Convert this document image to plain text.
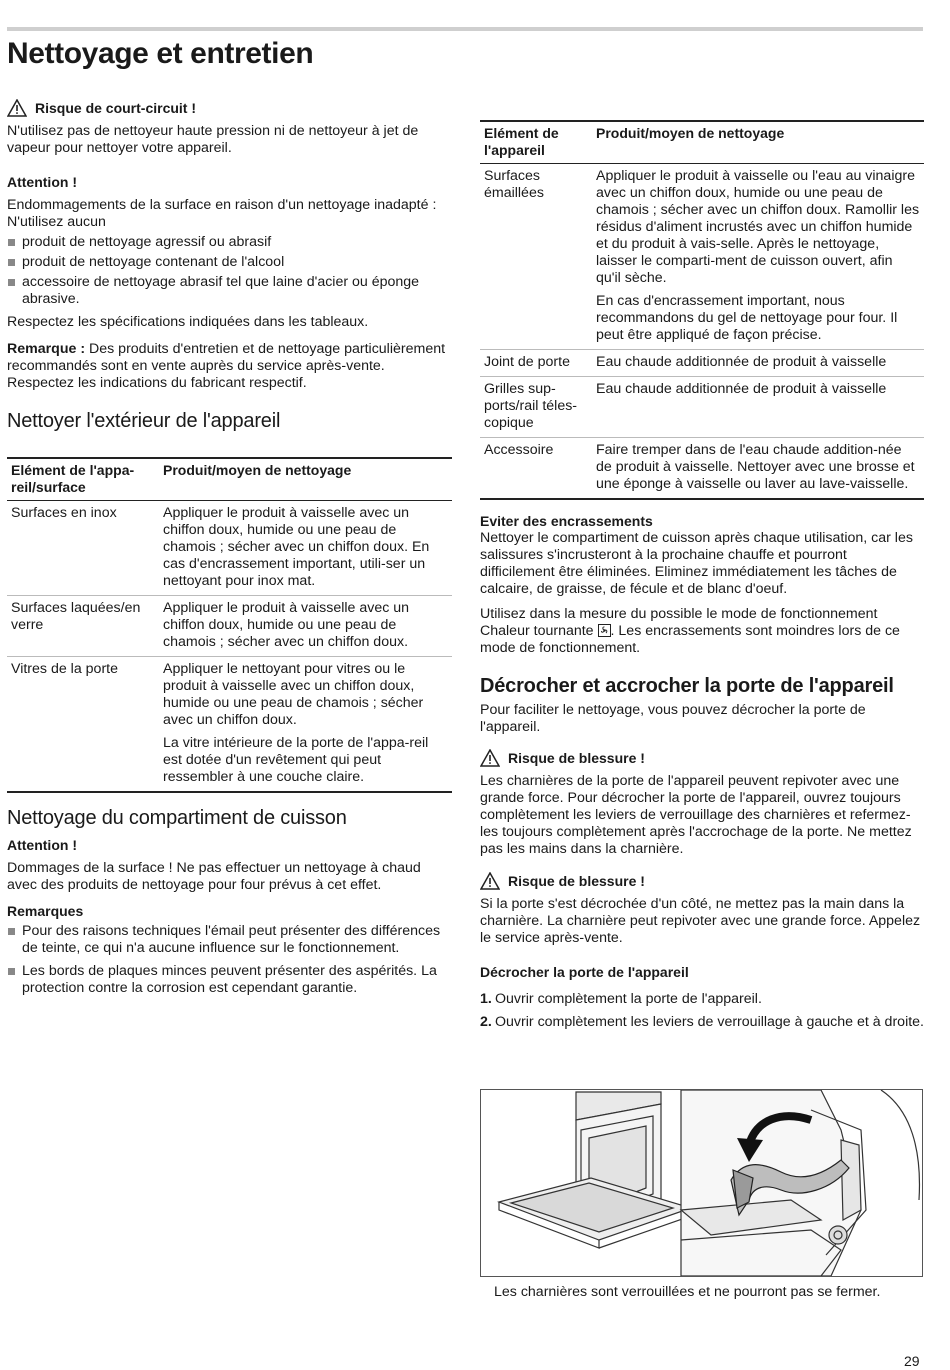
Nettoyage et entretien
Risque de court-circuit !

N'utilisez pas de nettoyeur haute pression ni de nettoyeur à jet de vapeur pour nettoyer votre appareil.

Attention !

Endommagements de la surface en raison d'un nettoyage inadapté : N'utilisez aucun

produit de nettoyage agressif ou abrasif
produit de nettoyage contenant de l'alcool
accessoire de nettoyage abrasif tel que laine d'acier ou éponge abrasive.

Respectez les spécifications indiquées dans les tableaux.

Remarque : Des produits d'entretien et de nettoyage particulièrement recommandés sont en vente auprès du service après-vente. Respectez les indications du fabricant respectif.

Nettoyer l'extérieur de l'appareil
Elément de l'appa-reil/surface	Produit/moyen de nettoyage
Surfaces en inox	Appliquer le produit à vaisselle avec un chiffon doux, humide ou une peau de chamois ; sécher avec un chiffon doux. En cas d'encrassement important, utili-ser un nettoyant pour inox mat.

Surfaces laquées/en verre	Appliquer le produit à vaisselle avec un chiffon doux, humide ou une peau de chamois ; sécher avec un chiffon doux.

Vitres de la porte	Appliquer le nettoyant pour vitres ou le produit à vaisselle avec un chiffon doux, humide ou une peau de chamois ; sécher avec un chiffon doux.

La vitre intérieure de la porte de l'appa-reil est dotée d'un revêtement qui peut ressembler à une couche claire.

Nettoyage du compartiment de cuisson

Attention !

Dommages de la surface ! Ne pas effectuer un nettoyage à chaud avec des produits de nettoyage pour four prévus à cet effet.

Remarques

Pour des raisons techniques l'émail peut présenter des différences de teinte, ce qui n'a aucune influence sur le fonctionnement.
Les bords de plaques minces peuvent présenter des aspérités. La protection contre la corrosion est cependant garantie.
Elément de l'appareil	Produit/moyen de nettoyage
Surfaces émaillées	Appliquer le produit à vaisselle ou l'eau au vinaigre avec un chiffon doux, humide ou une peau de chamois ; sécher avec un chiffon doux. Ramollir les résidus d'aliment incrustés avec un chiffon humide et du produit à vais-selle. Après le nettoyage, laisser le comparti-ment de cuisson ouvert, afin qu'il sèche.

En cas d'encrassement important, nous recommandons du gel de nettoyage pour four. Il peut être appliqué de façon précise.

Joint de porte	Eau chaude additionnée de produit à vaisselle

Grilles sup-ports/rail téles-copique	Eau chaude additionnée de produit à vaisselle

Accessoire	Faire tremper dans de l'eau chaude addition-née de produit à vaisselle. Nettoyer avec une brosse et une éponge à vaisselle ou laver au lave-vaisselle.

Eviter des encrassements

Nettoyer le compartiment de cuisson après chaque utilisation, car les salissures s'incrusteront à la prochaine chauffe et pourront difficilement être éliminées. Eliminez immédiatement les tâches de calcaire, de graisse, de fécule et de blanc d'oeuf.

Utilisez dans la mesure du possible le mode de fonctionnement Chaleur tournante . Les encrassements sont moindres lors de ce mode de fonctionnement.

Décrocher et accrocher la porte de l'appareil

Pour faciliter le nettoyage, vous pouvez décrocher la porte de l'appareil.

Risque de blessure !

Les charnières de la porte de l'appareil peuvent repivoter avec une grande force. Pour décrocher la porte de l'appareil, ouvrez toujours complètement les leviers de verrouillage des charnières et refermez-les toujours complètement après l'accrochage de la porte. Ne mettez pas les mains dans la charnière.

Risque de blessure !

Si la porte s'est décrochée d'un côté, ne mettez pas la main dans la charnière. La charnière peut repivoter avec une grande force. Appelez le service après-vente.

Décrocher la porte de l'appareil

1. Ouvrir complètement la porte de l'appareil.
2. Ouvrir complètement les leviers de verrouillage à gauche et à droite.

Les charnières sont verrouillées et ne pourront pas se fermer.

29
